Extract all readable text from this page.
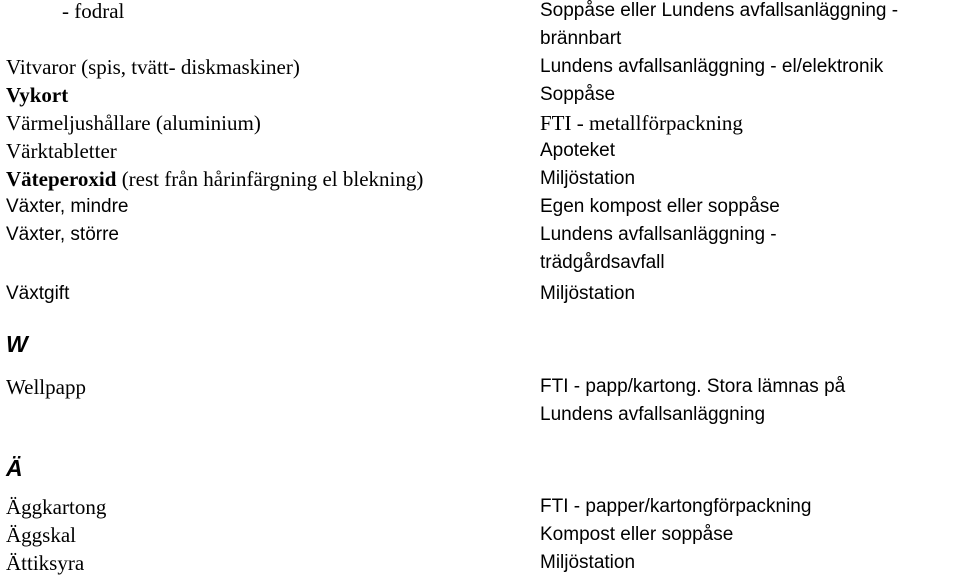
- fodral	Soppåse eller Lundens avfallsanläggning -
brännbart
Vitvaror (spis, tvätt- diskmaskiner)	Lundens avfallsanläggning - el/elektronik
Vykort	Soppåse
Värmeljushållare (aluminium)	FTI - metallförpackning
Värktabletter	Apoteket
Väteperoxid (rest från hårinfärgning el blekning)	Miljöstation
Växter, mindre	Egen kompost eller soppåse
Växter, större	Lundens avfallsanläggning -
trädgårdsavfall
Växtgift	Miljöstation
W
Wellpapp	FTI - papp/kartong. Stora lämnas på
Lundens avfallsanläggning
Ä
Äggkartong	FTI - papper/kartongförpackning
Äggskal	Kompost eller soppåse
Ättiksyra	Miljöstation
